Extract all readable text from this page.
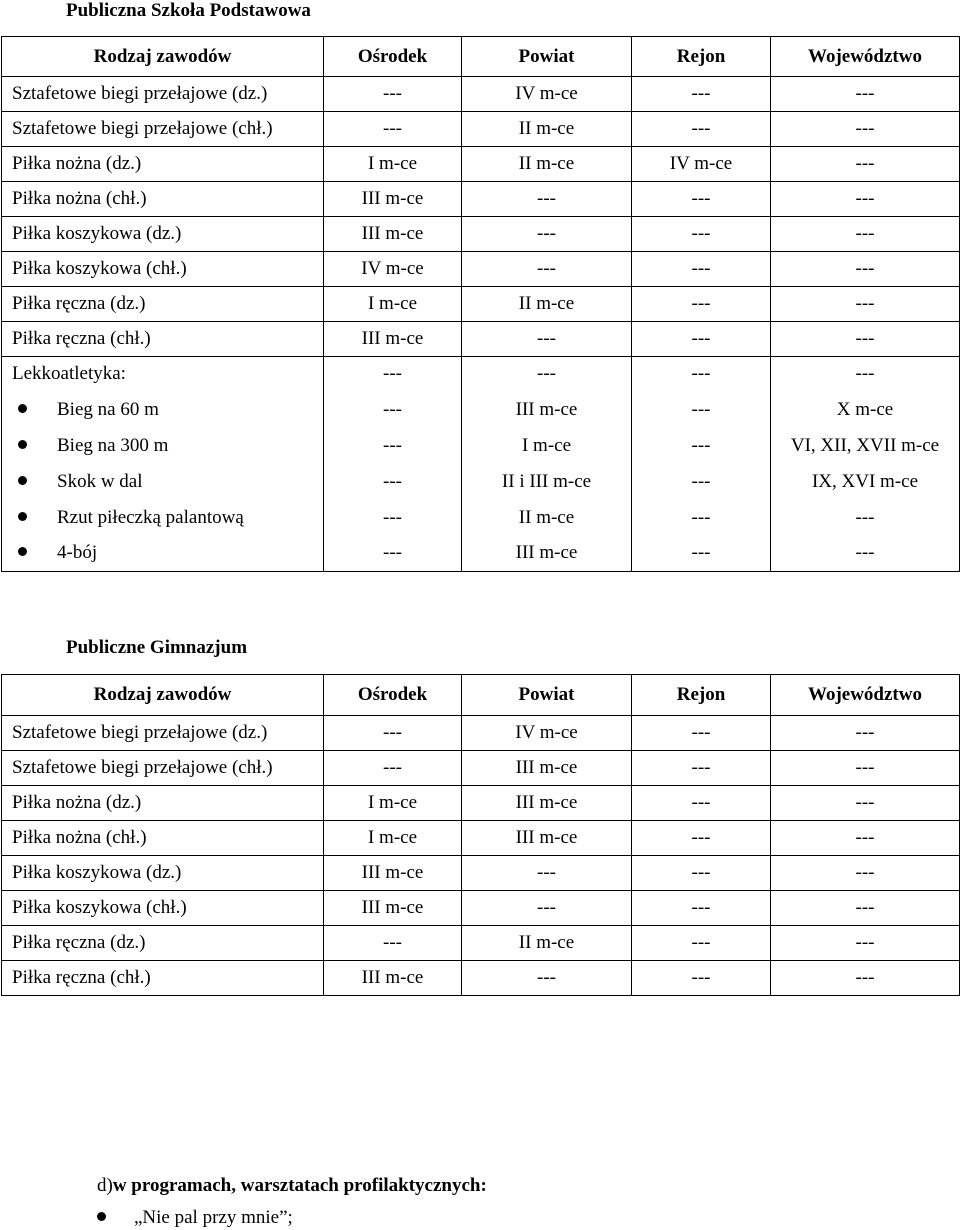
Publiczna Szkoła Podstawowa
Rodzaj zawodów	Ośrodek	Powiat	Rejon	Województwo
Sztafetowe biegi przełajowe (dz.)	---	IV m-ce	---	---
Sztafetowe biegi przełajowe (chł.)	---	II m-ce	---	---
Piłka nożna (dz.)	I m-ce	II m-ce	IV m-ce	---
Piłka nożna (chł.)	III m-ce	---	---	---
Piłka koszykowa (dz.)	III m-ce	---	---	---
Piłka koszykowa (chł.)	IV m-ce	---	---	---
Piłka ręczna (dz.)	I m-ce	II m-ce	---	---
Piłka ręczna (chł.)	III m-ce	---	---	---
Lekkoatletyka:	---	---	---	---
Bieg na 60 m	---	III m-ce	---	X m-ce
Bieg na 300 m	---	I m-ce	---	VI, XII, XVII m-ce
Skok w dal	---	II i III m-ce	---	IX, XVI m-ce
Rzut piłeczką palantową	---	II m-ce	---	---
4-bój	---	III m-ce	---	---
Publiczne Gimnazjum
Rodzaj zawodów	Ośrodek	Powiat	Rejon	Województwo
Sztafetowe biegi przełajowe (dz.)	---	IV m-ce	---	---
Sztafetowe biegi przełajowe (chł.)	---	III m-ce	---	---
Piłka nożna (dz.)	I m-ce	III m-ce	---	---
Piłka nożna (chł.)	I m-ce	III m-ce	---	---
Piłka koszykowa (dz.)	III m-ce	---	---	---
Piłka koszykowa (chł.)	III m-ce	---	---	---
Piłka ręczna (dz.)	---	II m-ce	---	---
Piłka ręczna (chł.)	III m-ce	---	---	---
d)w programach, warsztatach profilaktycznych:
„Nie pal przy mnie”;
